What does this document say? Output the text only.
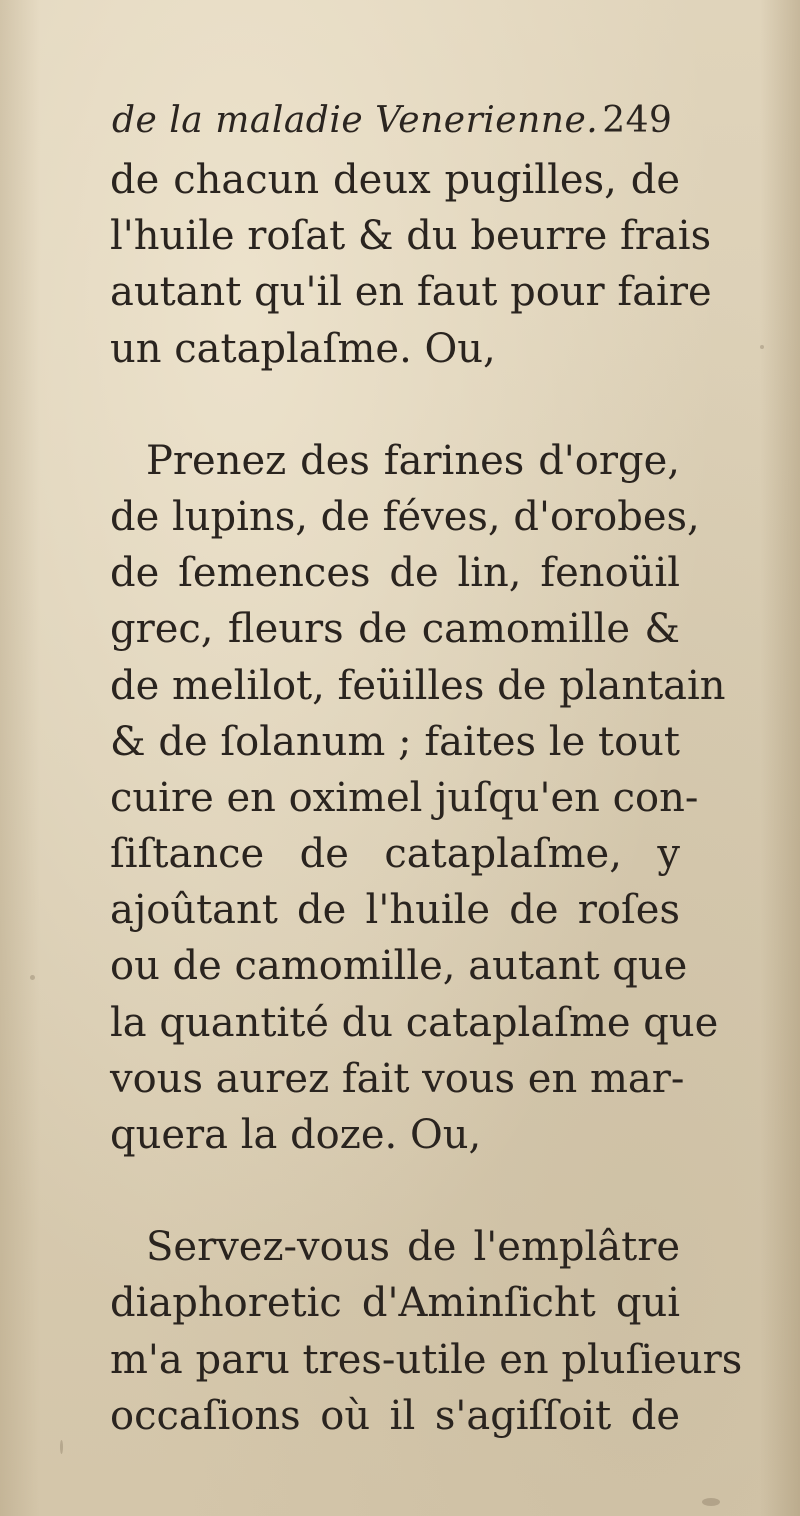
de la maladie Venerienne. 249
de chacun deux pugilles, de
l'huile roſat & du beurre frais
autant qu'il en faut pour faire
un cataplaſme. Ou,
Prenez des farines d'orge,
de lupins, de féves, d'orobes,
de ſemences de lin, fenoüil
grec, fleurs de camomille &
de melilot, feüilles de plantain
& de ſolanum ; faites le tout
cuire en oximel juſqu'en con-
ſiſtance de cataplaſme, y
ajoûtant de l'huile de roſes
ou de camomille, autant que
la quantité du cataplaſme que
vous aurez fait vous en mar-
quera la doze. Ou,
Servez-vous de l'emplâtre
diaphoretic d'Aminſicht qui
m'a paru tres-utile en pluſieurs
occaſions où il s'agiſſoit de
